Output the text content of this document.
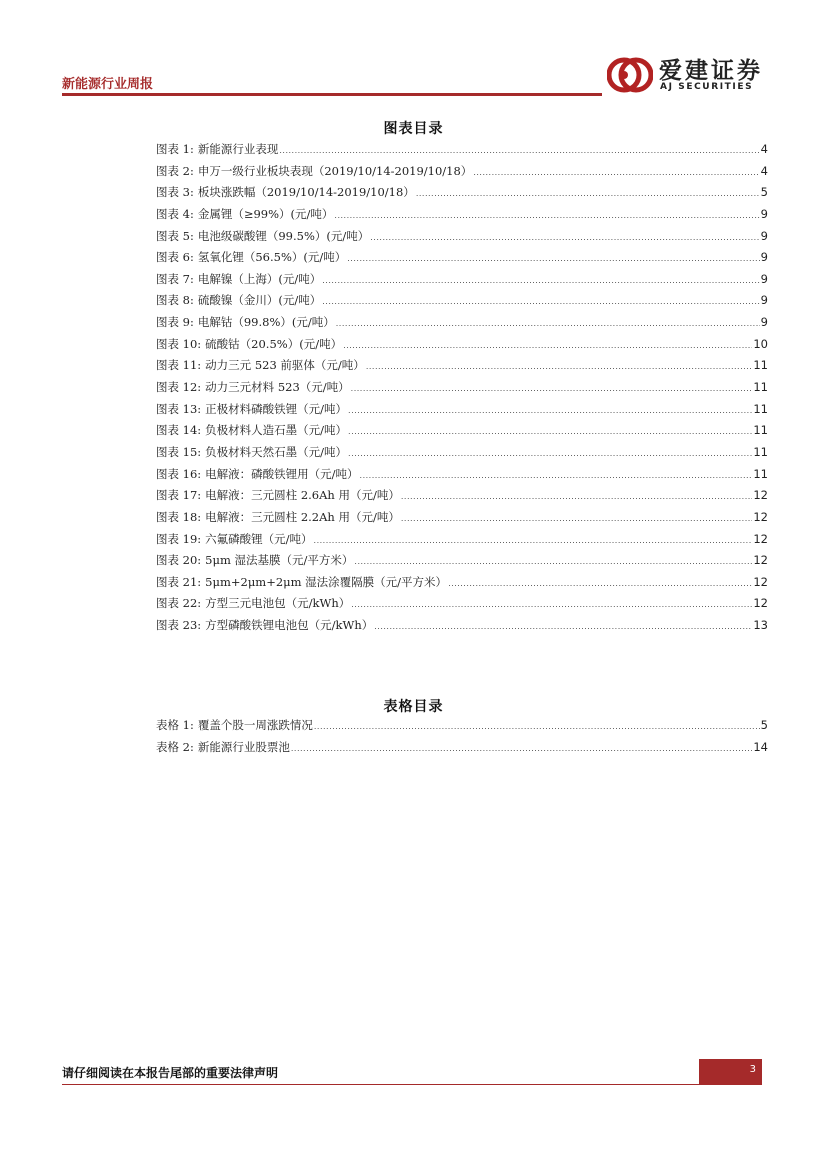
新能源行业周报
爱建证券
AJ SECURITIES
图表目录
图表 1: 新能源行业表现 .....	4
图表 2: 申万一级行业板块表现（2019/10/14-2019/10/18） .....	4
图表 3: 板块涨跌幅（2019/10/14-2019/10/18） .....	5
图表 4: 金属锂（≥99%）(元/吨） .....	9
图表 5: 电池级碳酸锂（99.5%）(元/吨） .....	9
图表 6: 氢氧化锂（56.5%）(元/吨） .....	9
图表 7: 电解镍（上海）(元/吨） .....	9
图表 8: 硫酸镍（金川）(元/吨） .....	9
图表 9: 电解钴（99.8%）(元/吨） .....	9
图表 10: 硫酸钴（20.5%）(元/吨） .....	10
图表 11: 动力三元 523 前驱体（元/吨） .....	11
图表 12: 动力三元材料 523（元/吨） .....	11
图表 13: 正极材料磷酸铁锂（元/吨） .....	11
图表 14: 负极材料人造石墨（元/吨） .....	11
图表 15: 负极材料天然石墨（元/吨） .....	11
图表 16: 电解液：磷酸铁锂用（元/吨） .....	11
图表 17: 电解液：三元圆柱 2.6Ah 用（元/吨） .....	12
图表 18: 电解液：三元圆柱 2.2Ah 用（元/吨） .....	12
图表 19: 六氟磷酸锂（元/吨） .....	12
图表 20: 5μm 湿法基膜（元/平方米） .....	12
图表 21: 5μm+2μm+2μm 湿法涂覆隔膜（元/平方米） .....	12
图表 22: 方型三元电池包（元/kWh） .....	12
图表 23: 方型磷酸铁锂电池包（元/kWh） .....	13
表格目录
表格 1: 覆盖个股一周涨跌情况 .....	5
表格 2: 新能源行业股票池 .....	14
请仔细阅读在本报告尾部的重要法律声明	3
